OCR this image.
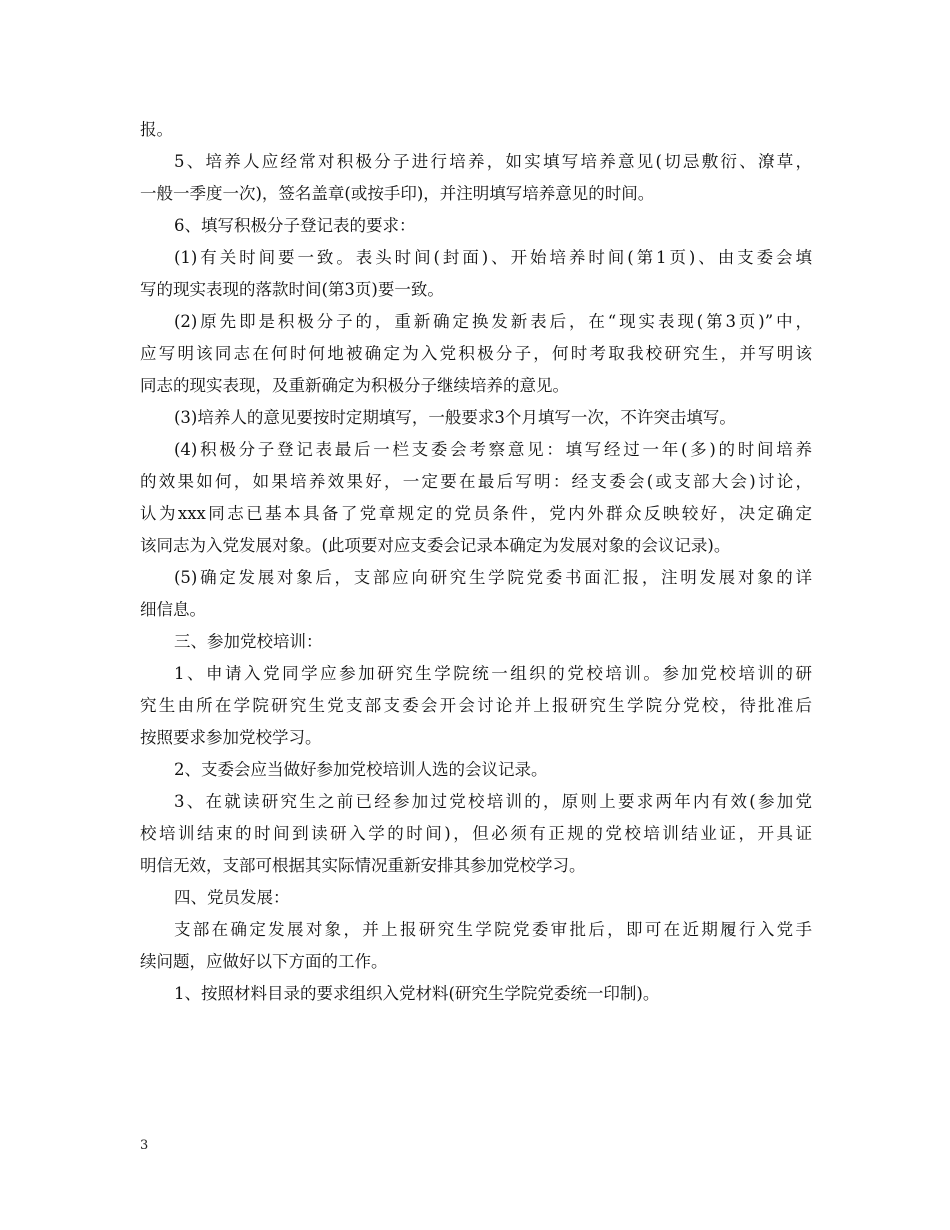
报。
5、培养人应经常对积极分子进行培养，如实填写培养意见(切忌敷衍、潦草，
一般一季度一次)，签名盖章(或按手印)，并注明填写培养意见的时间。
6、填写积极分子登记表的要求：
(1)有关时间要一致。表头时间(封面)、开始培养时间(第1页)、由支委会填
写的现实表现的落款时间(第3页)要一致。
(2)原先即是积极分子的，重新确定换发新表后，在“现实表现(第3页)”中，
应写明该同志在何时何地被确定为入党积极分子，何时考取我校研究生，并写明该
同志的现实表现，及重新确定为积极分子继续培养的意见。
(3)培养人的意见要按时定期填写，一般要求3个月填写一次，不许突击填写。
(4)积极分子登记表最后一栏支委会考察意见：填写经过一年(多)的时间培养
的效果如何，如果培养效果好，一定要在最后写明：经支委会(或支部大会)讨论，
认为xxx同志已基本具备了党章规定的党员条件，党内外群众反映较好，决定确定
该同志为入党发展对象。(此项要对应支委会记录本确定为发展对象的会议记录)。
(5)确定发展对象后，支部应向研究生学院党委书面汇报，注明发展对象的详
细信息。
三、参加党校培训：
1、申请入党同学应参加研究生学院统一组织的党校培训。参加党校培训的研
究生由所在学院研究生党支部支委会开会讨论并上报研究生学院分党校，待批准后
按照要求参加党校学习。
2、支委会应当做好参加党校培训人选的会议记录。
3、在就读研究生之前已经参加过党校培训的，原则上要求两年内有效(参加党
校培训结束的时间到读研入学的时间)，但必须有正规的党校培训结业证，开具证
明信无效，支部可根据其实际情况重新安排其参加党校学习。
四、党员发展：
支部在确定发展对象，并上报研究生学院党委审批后，即可在近期履行入党手
续问题，应做好以下方面的工作。
1、按照材料目录的要求组织入党材料(研究生学院党委统一印制)。
3
